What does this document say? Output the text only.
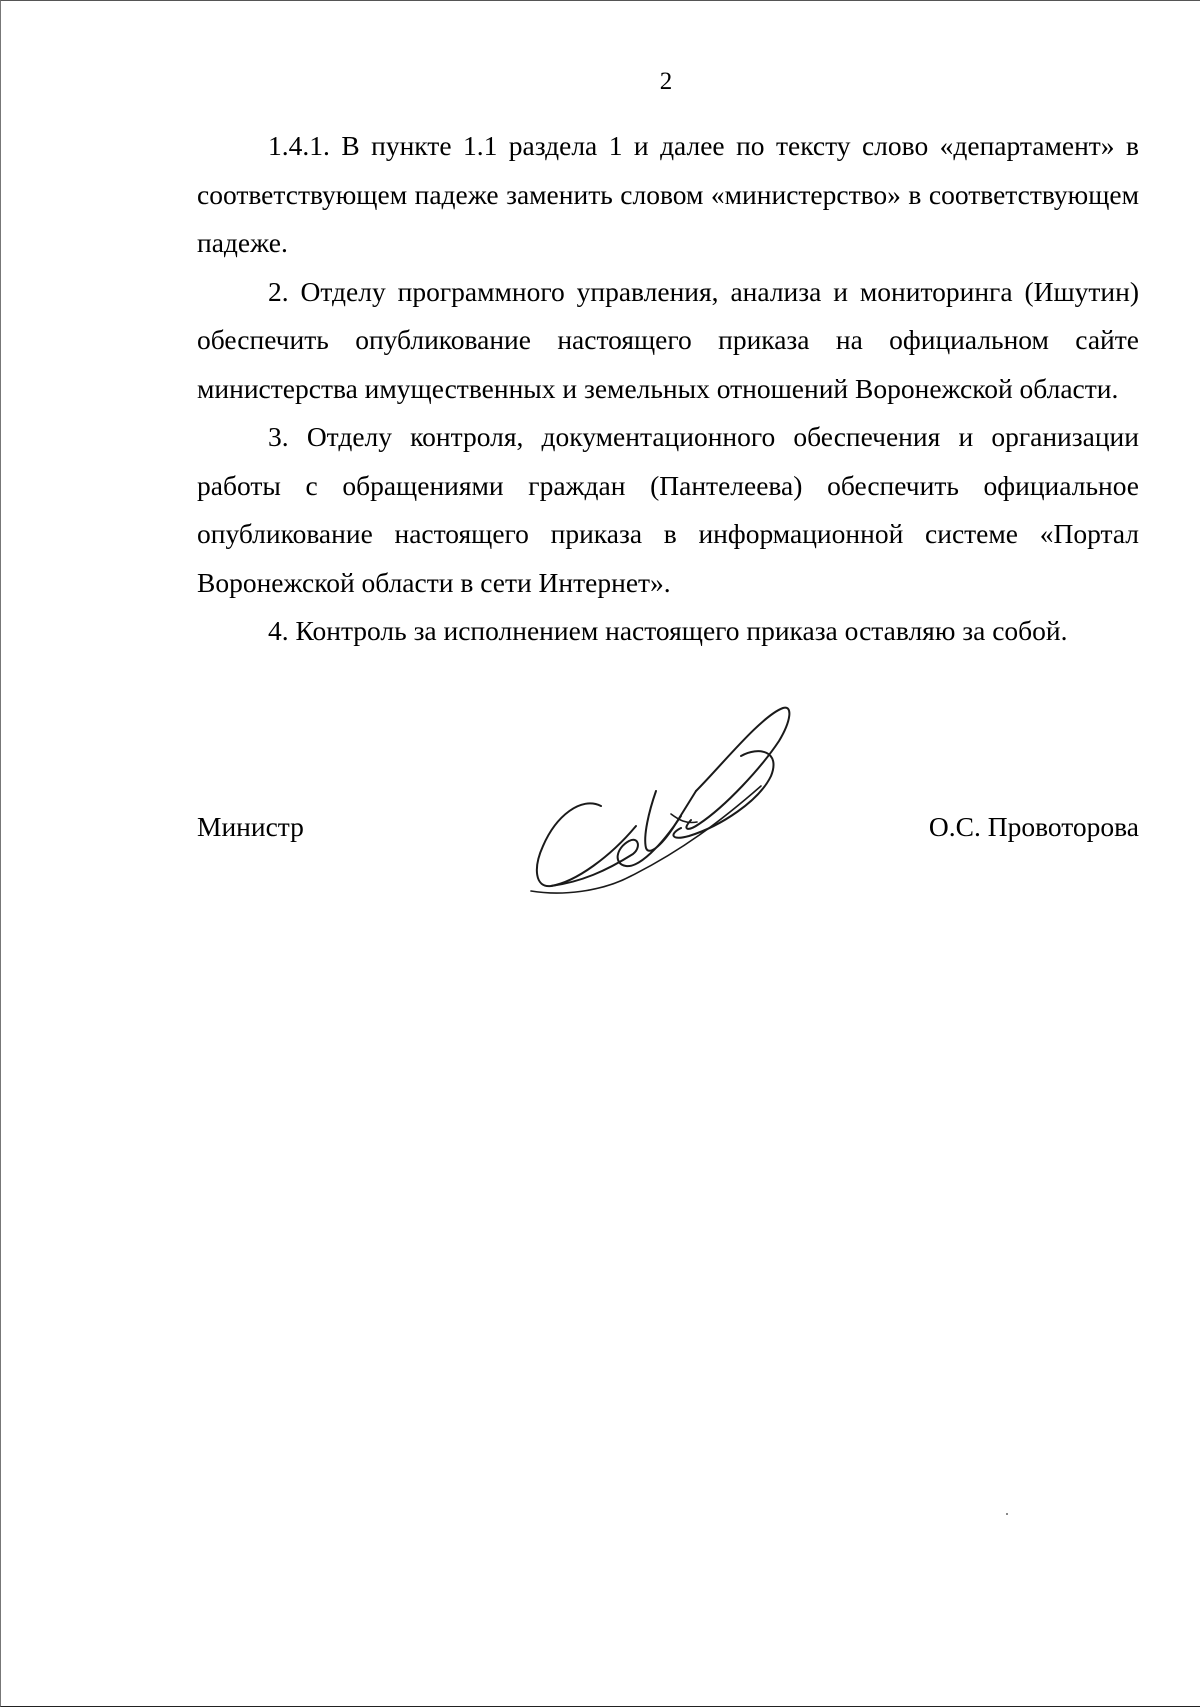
2

1.4.1. В пункте 1.1 раздела 1 и далее по тексту слово «департамент» в соответствующем падеже заменить словом «министерство» в соответствующем падеже.

2. Отделу программного управления, анализа и мониторинга (Ишутин) обеспечить опубликование настоящего приказа на официальном сайте министерства имущественных и земельных отношений Воронежской области.

3. Отделу контроля, документационного обеспечения и организации работы с обращениями граждан (Пантелеева) обеспечить официальное опубликование настоящего приказа в информационной системе «Портал Воронежской области в сети Интернет».

4. Контроль за исполнением настоящего приказа оставляю за собой.

Министр	О.С. Провоторова
